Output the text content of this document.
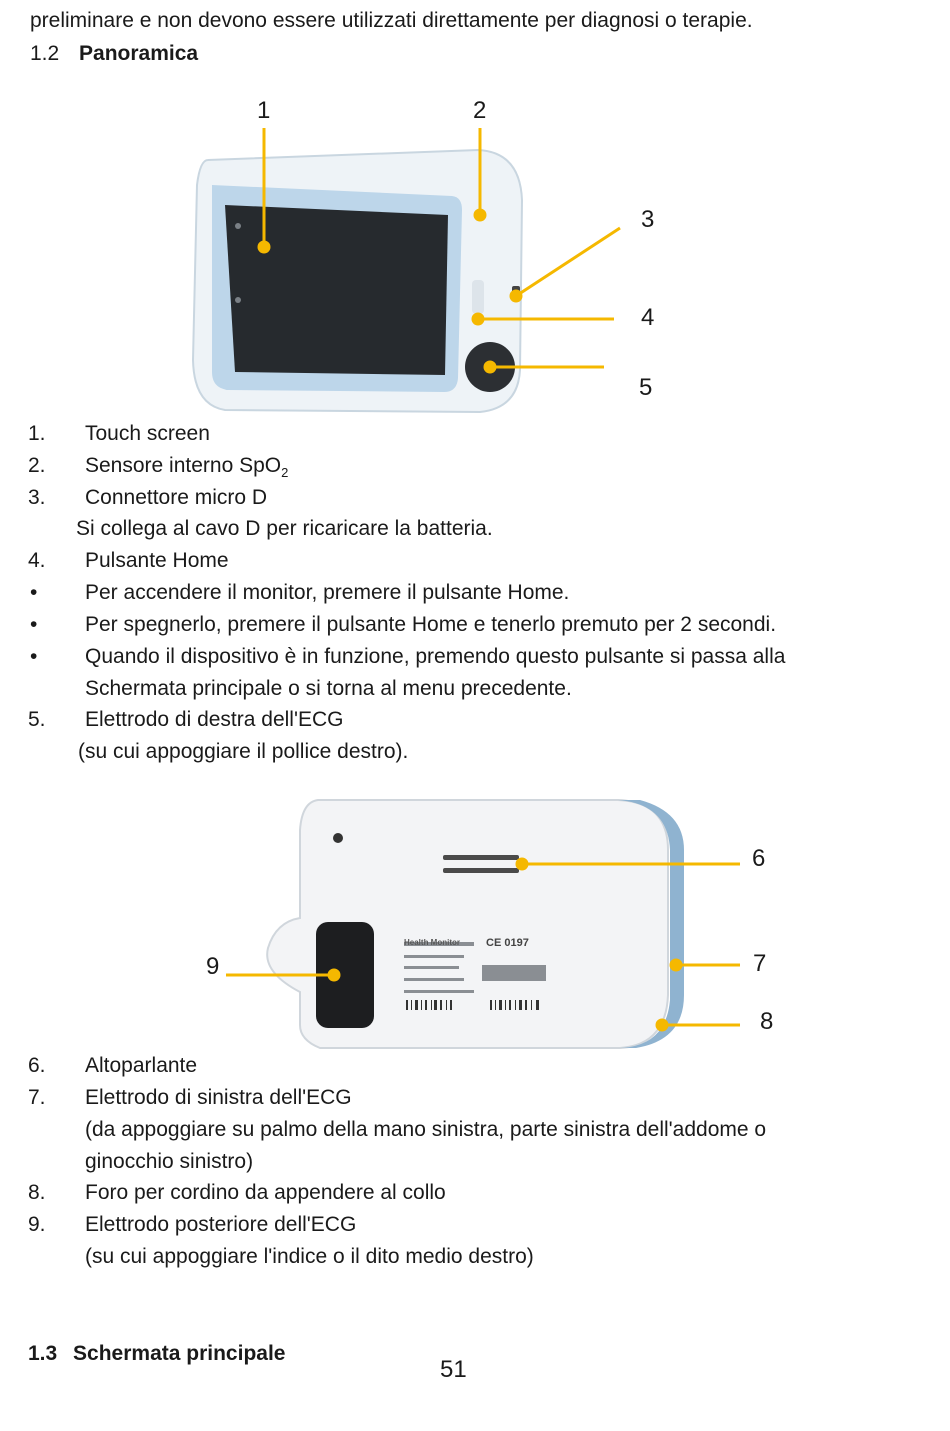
preliminare e non devono essere utilizzati direttamente per diagnosi o terapie.
1.2 Panoramica
1	2
3
4
5
1. Touch screen
2. Sensore interno SpO$_2$
3. Connettore micro D
Si collega al cavo D per ricaricare la batteria.
4. Pulsante Home
• Per accendere il monitor, premere il pulsante Home.
• Per spegnerlo, premere il pulsante Home e tenerlo premuto per 2 secondi.
• Quando il dispositivo è in funzione, premendo questo pulsante si passa alla
Schermata principale o si torna al menu precedente.
5. Elettrodo di destra dell'ECG
(su cui appoggiare il pollice destro).
Health Monitor CE 0197
6
7
8
9
6. Altoparlante
7. Elettrodo di sinistra dell'ECG
(da appoggiare su palmo della mano sinistra, parte sinistra dell'addome o
ginocchio sinistro)
8. Foro per cordino da appendere al collo
9. Elettrodo posteriore dell'ECG
(su cui appoggiare l'indice o il dito medio destro)
1.3 Schermata principale
51
